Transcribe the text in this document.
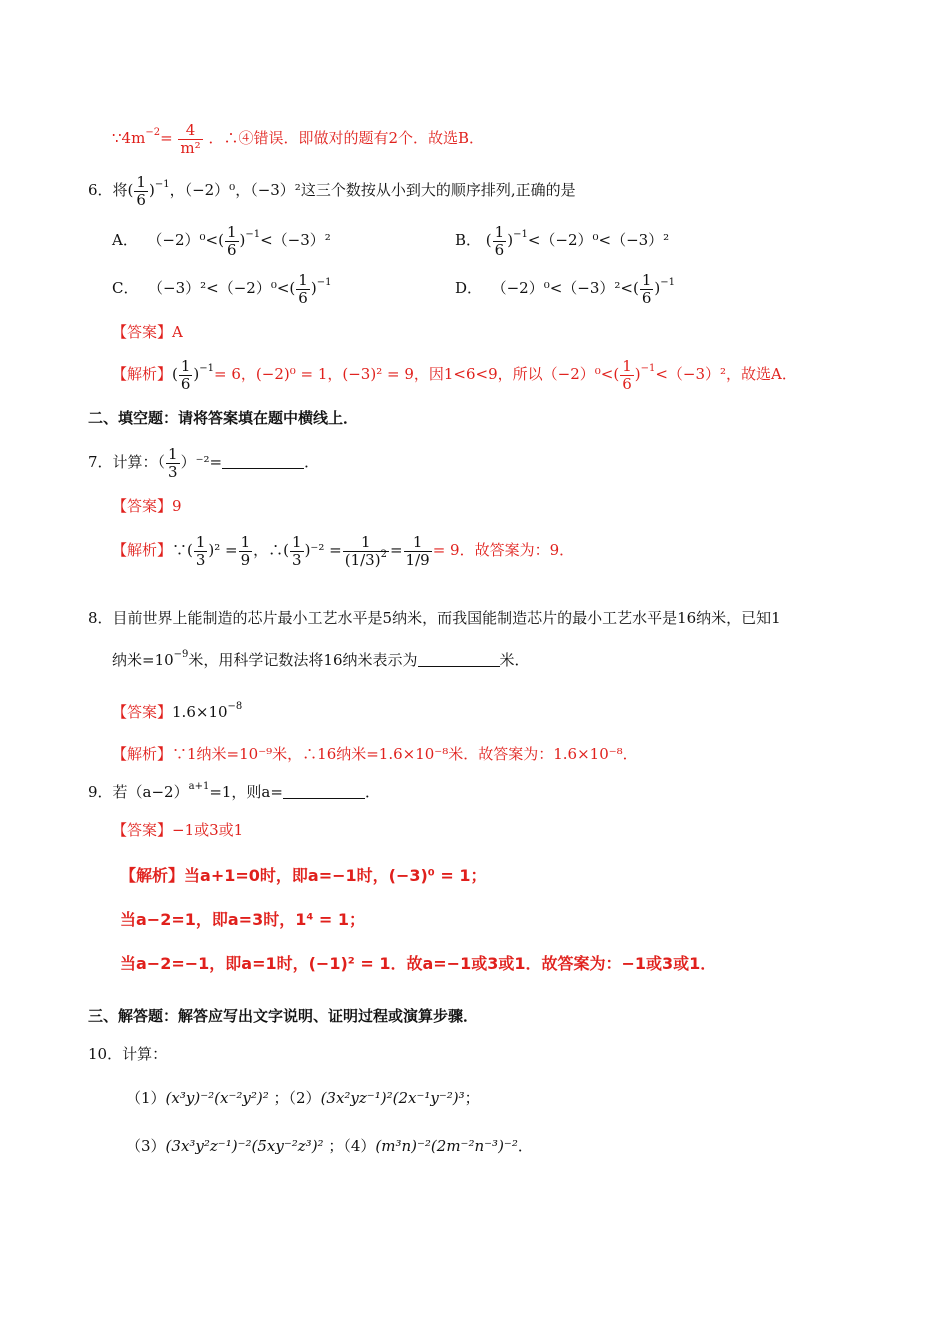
$\because 4m^{-2}= \frac{4}{\text{m²}}$ ．∴④错误．即做对的题有2个．故选B．
6．将( $\frac{1}{6} )^{-1}$，（−2）⁰，（−3）²这三个数按从小到大的顺序排列,正确的是
A． $(-2)^0<( \frac{1}{6} )^{-1}<(-3)^2$	B． ( $\frac{1}{6} )^{-1}<(-2)^0<(-3)^2$
C． $(-3)^2<(-2)^0<( \frac{1}{6} )^{-1}$	D． $(-2)^0<(-3)^2<( \frac{1}{6} )^{-1}$
【答案】A
【解析】( $\frac{1}{6} )^{-1}= 6$，(−2)⁰ = 1，(−3)² = 9，因1<6<9，所以$(-2)^0<( \frac{1}{6} )^{-1}<(-3)^2$，故选A．
二、填空题：请将答案填在题中横线上．
7．计算：（ $\frac{1}{3} )^{-2}=$	．
【答案】9
【解析】∵( $\frac{1}{3} )^2 = \frac{1}{9}$ ，∴( $\frac{1}{3} )^{-2} = \frac{1}{(1/3)^2} = \frac{1}{1/9} = 9$．故答案为：9．
8．目前世界上能制造的芯片最小工艺水平是5纳米，而我国能制造芯片的最小工艺水平是16纳米，已知1
纳米$=10^{-9}$米，用科学记数法将16纳米表示为	米．
【答案】$1.6\times 10^{-8}$
【解析】∵1纳米=10⁻⁹米，∴16纳米=1.6×10⁻⁸米．故答案为：1.6×10⁻⁸．
9．若$(a-2)^{a+1}=1$，则a=	．
【答案】−1或3或1
【解析】当a+1=0时，即a=−1时，(−3)⁰ = 1；
当a−2=1，即a=3时，1⁴ = 1；
当a−2=−1，即a=1时，(−1)² = 1．故a=−1或3或1．故答案为：−1或3或1．
三、解答题：解答应写出文字说明、证明过程或演算步骤．
10．计算：
（1）(x³y)⁻²(x⁻²y²)² ；（2）(3x²yz⁻¹)²(2x⁻¹y⁻²)³；
（3）(3x³y²z⁻¹)⁻²(5xy⁻²z³)² ；（4）(m³n)⁻²(2m⁻²n⁻³)⁻²．
